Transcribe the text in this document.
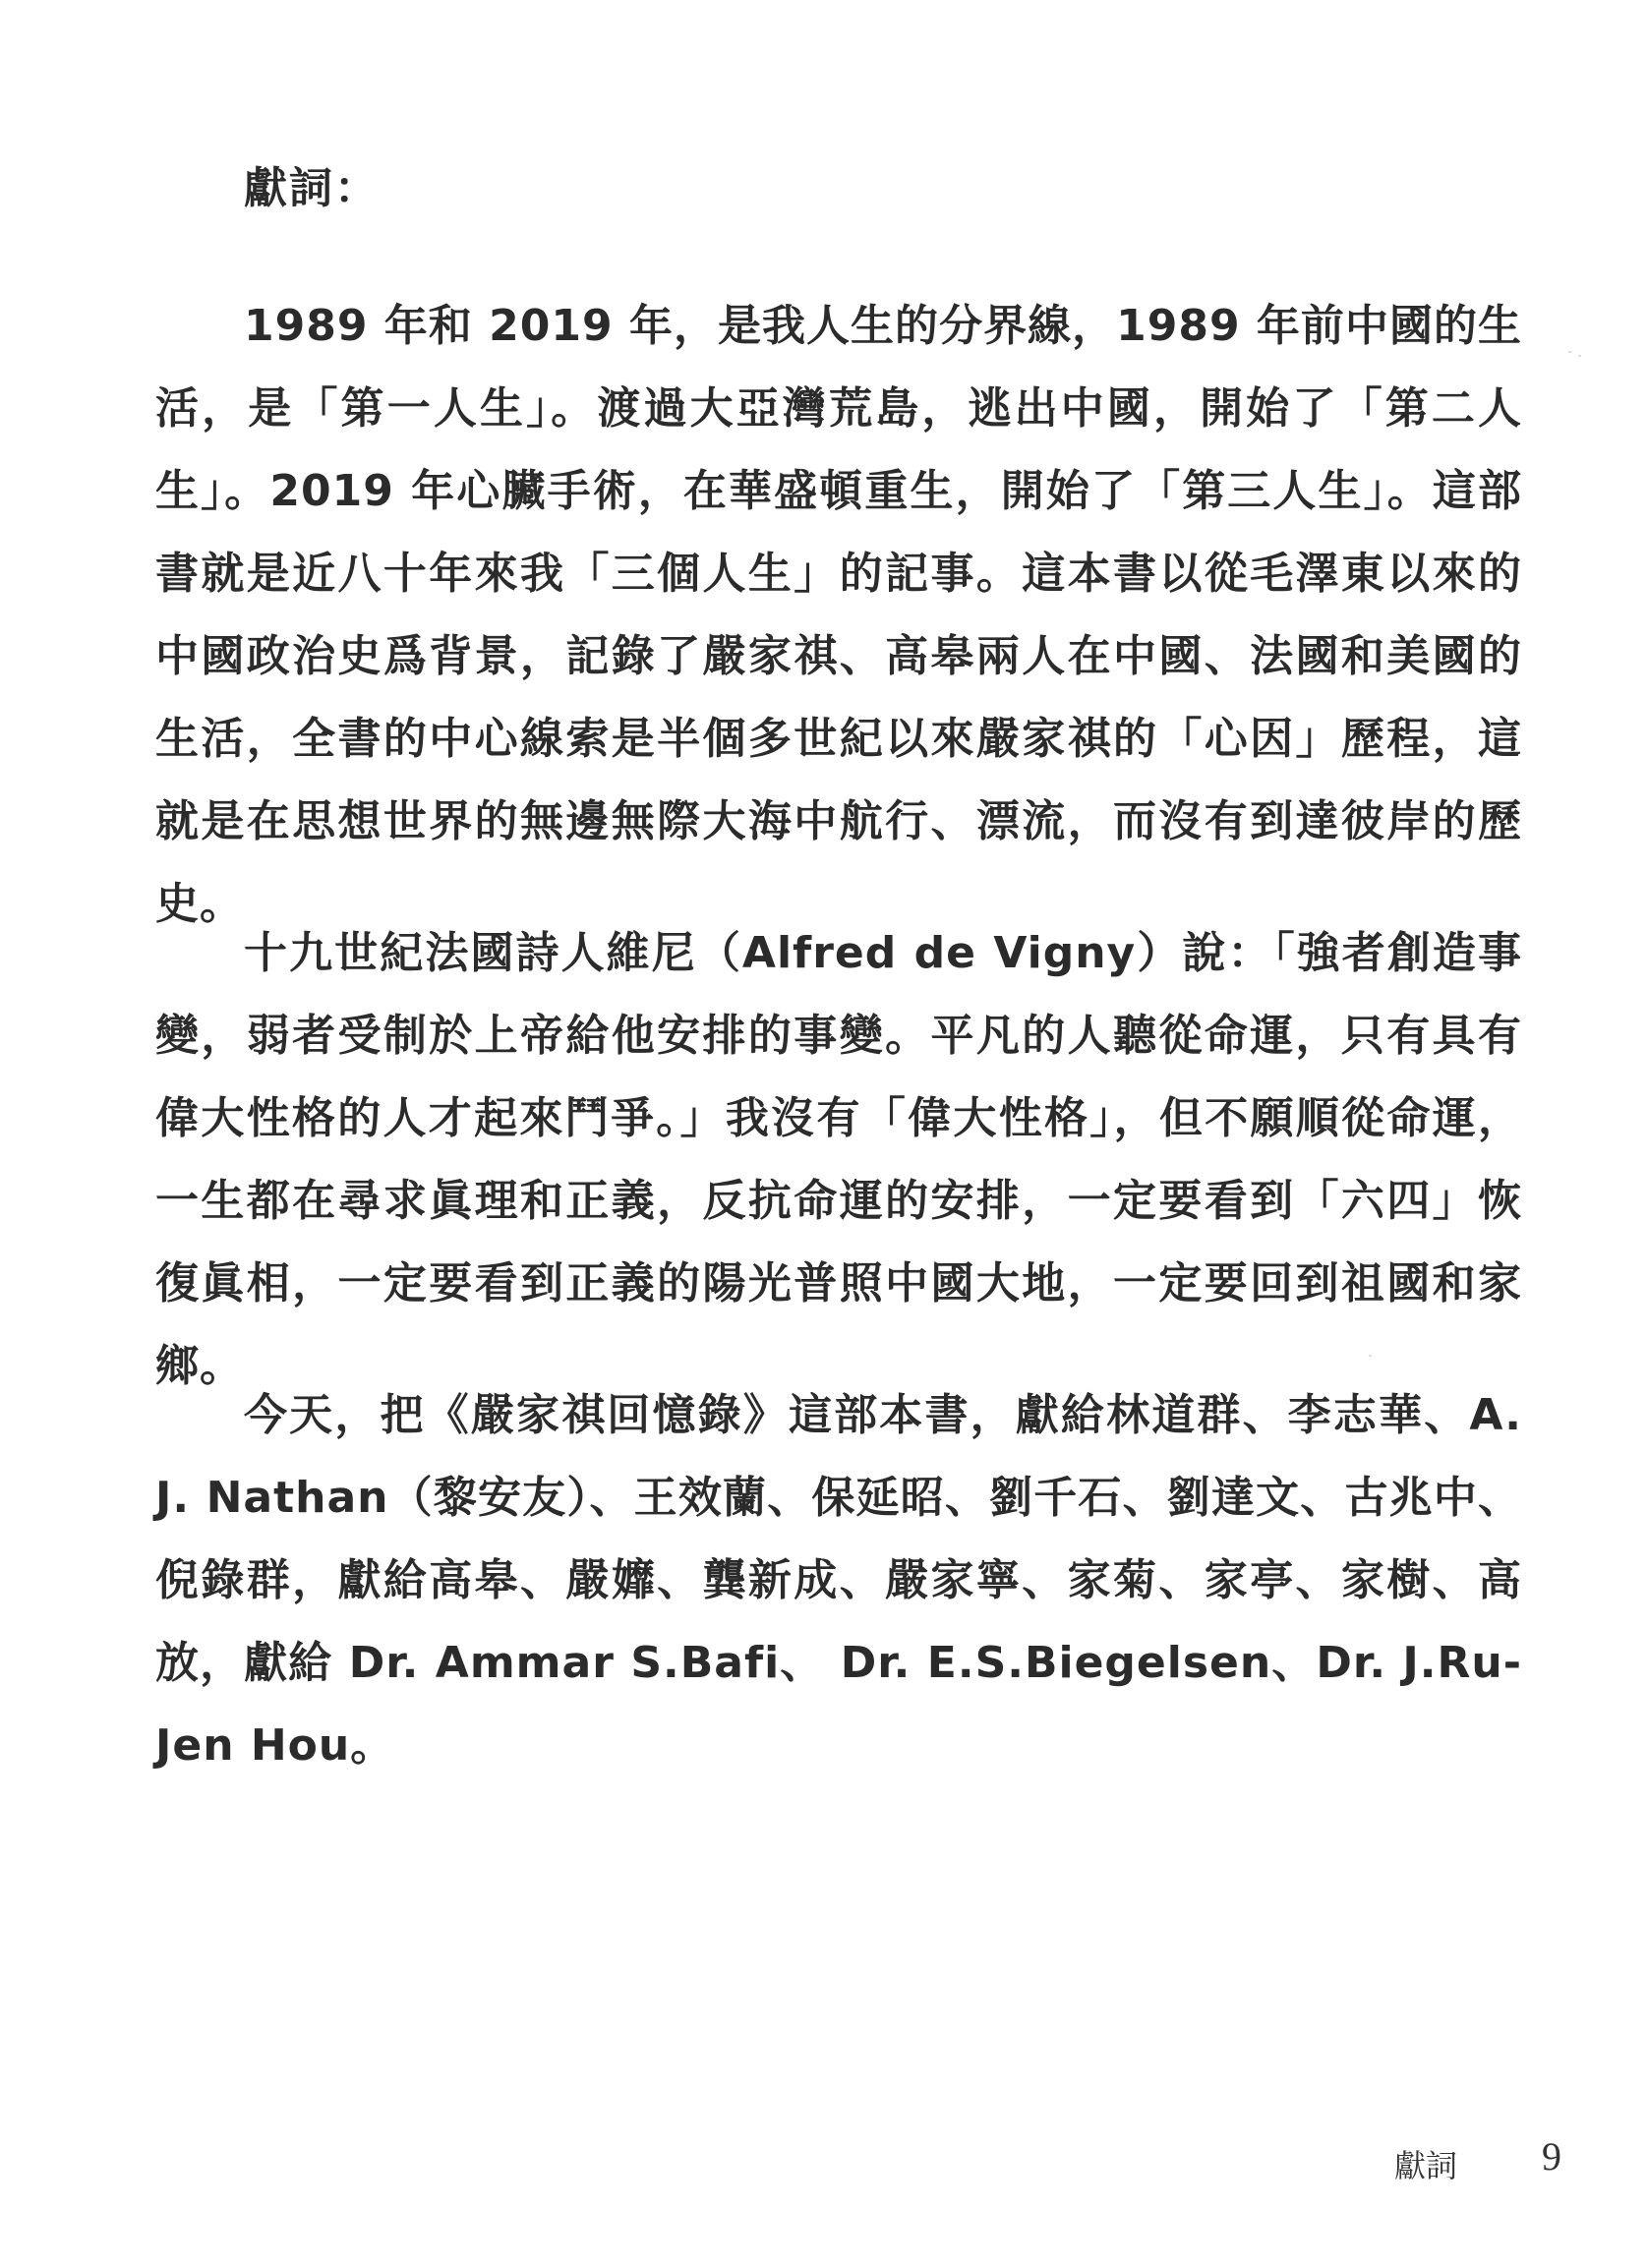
獻詞：

1989 年和 2019 年，是我人生的分界線，1989 年前中國的生活，是「第一人生」。渡過大亞灣荒島，逃出中國，開始了「第二人生」。2019 年心臟手術，在華盛頓重生，開始了「第三人生」。這部書就是近八十年來我「三個人生」的記事。這本書以從毛澤東以來的中國政治史爲背景，記錄了嚴家祺、高皋兩人在中國、法國和美國的生活，全書的中心線索是半個多世紀以來嚴家祺的「心因」歷程，這就是在思想世界的無邊無際大海中航行、漂流，而沒有到達彼岸的歷史。

十九世紀法國詩人維尼（Alfred de Vigny）說：「強者創造事變，弱者受制於上帝給他安排的事變。平凡的人聽從命運，只有具有偉大性格的人才起來鬥爭。」我沒有「偉大性格」，但不願順從命運，一生都在尋求眞理和正義，反抗命運的安排，一定要看到「六四」恢復眞相，一定要看到正義的陽光普照中國大地，一定要回到祖國和家鄉。

今天，把《嚴家祺回憶錄》這部本書，獻給林道群、李志華、A. J. Nathan（黎安友）、王效蘭、保延昭、劉千石、劉達文、古兆中、倪錄群，獻給高皋、嚴孊、龔新成、嚴家寧、家菊、家亭、家樹、高放，獻給 Dr. Ammar S.Bafi、 Dr. E.S.Biegelsen、Dr. J.Ru-Jen Hou。

獻詞 9
